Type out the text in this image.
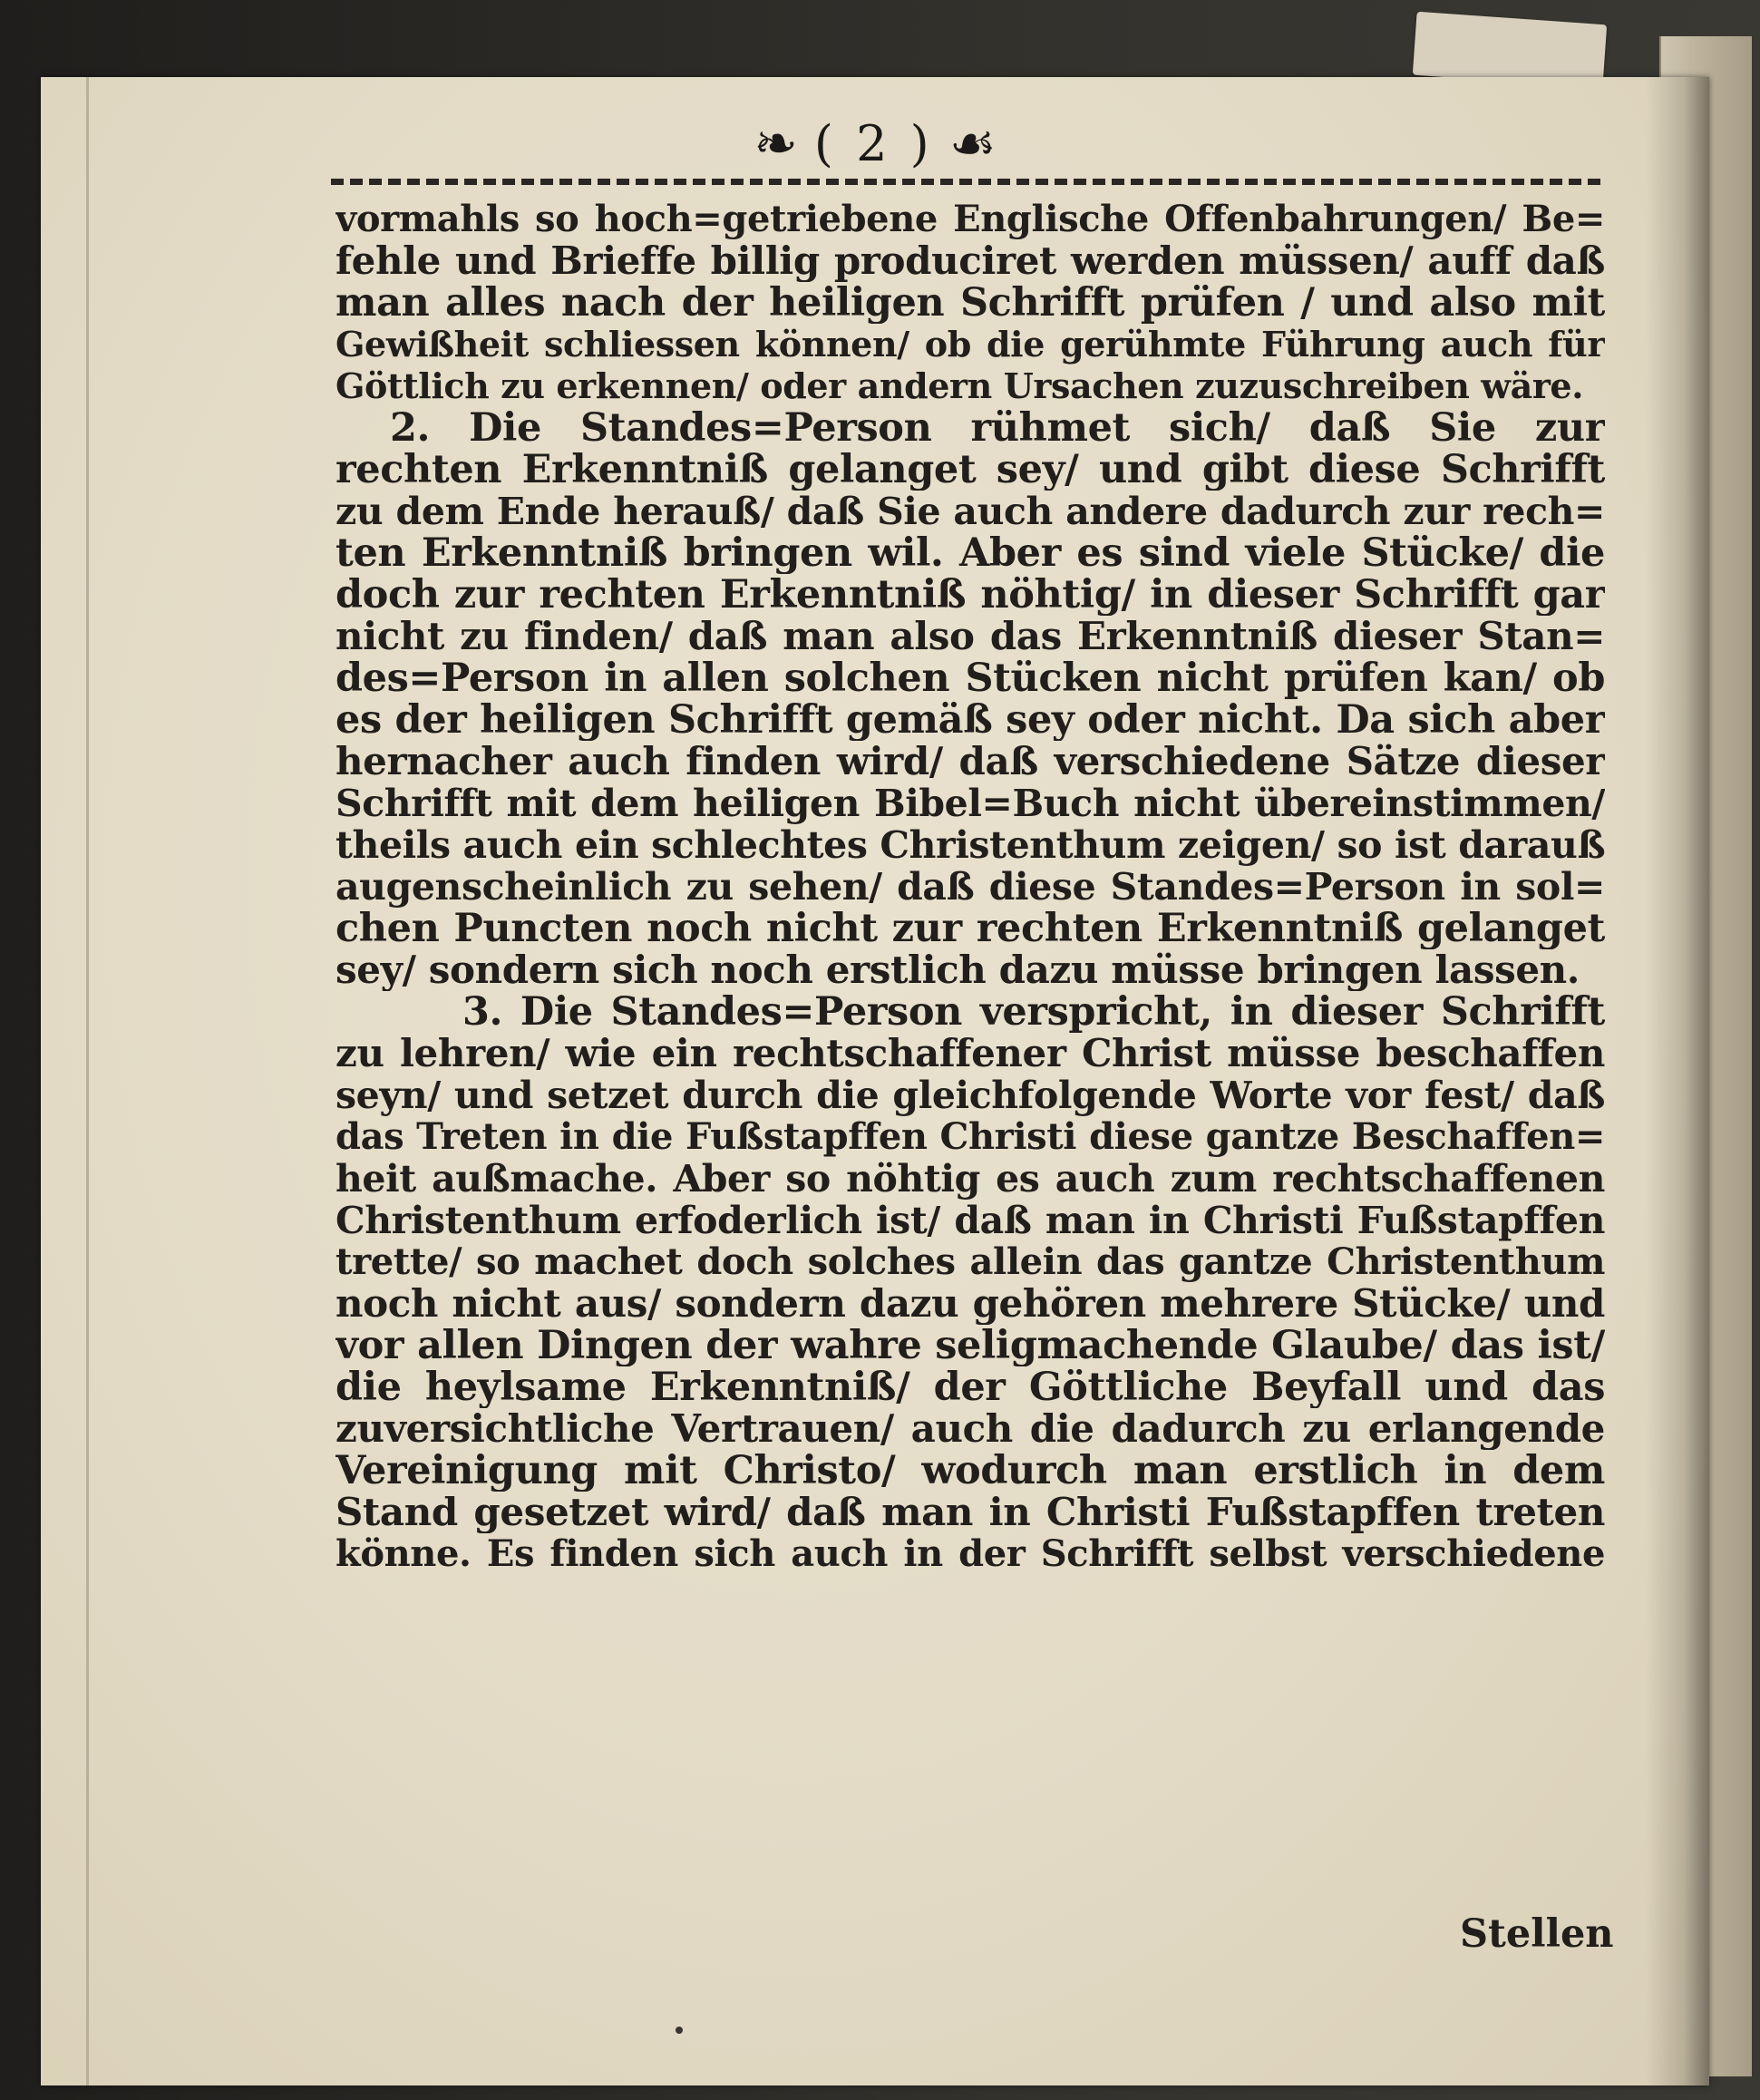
❧ ( 2 ) ☙
vormahls so hoch=getriebene Englische Offenbahrungen/ Be=
fehle und Brieffe billig produciret werden müssen/ auff daß
man alles nach der heiligen Schrifft prüfen / und also mit
Gewißheit schliessen können/ ob die gerühmte Führung auch für
Göttlich zu erkennen/ oder andern Ursachen zuzuschreiben wäre.
2. Die Standes=Person rühmet sich/ daß Sie zur
rechten Erkenntniß gelanget sey/ und gibt diese Schrifft
zu dem Ende herauß/ daß Sie auch andere dadurch zur rech=
ten Erkenntniß bringen wil. Aber es sind viele Stücke/ die
doch zur rechten Erkenntniß nöhtig/ in dieser Schrifft gar
nicht zu finden/ daß man also das Erkenntniß dieser Stan=
des=Person in allen solchen Stücken nicht prüfen kan/ ob
es der heiligen Schrifft gemäß sey oder nicht. Da sich aber
hernacher auch finden wird/ daß verschiedene Sätze dieser
Schrifft mit dem heiligen Bibel=Buch nicht übereinstimmen/
theils auch ein schlechtes Christenthum zeigen/ so ist darauß
augenscheinlich zu sehen/ daß diese Standes=Person in sol=
chen Puncten noch nicht zur rechten Erkenntniß gelanget
sey/ sondern sich noch erstlich dazu müsse bringen lassen.
3. Die Standes=Person verspricht, in dieser Schrifft
zu lehren/ wie ein rechtschaffener Christ müsse beschaffen
seyn/ und setzet durch die gleichfolgende Worte vor fest/ daß
das Treten in die Fußstapffen Christi diese gantze Beschaffen=
heit außmache. Aber so nöhtig es auch zum rechtschaffenen
Christenthum erfoderlich ist/ daß man in Christi Fußstapffen
trette/ so machet doch solches allein das gantze Christenthum
noch nicht aus/ sondern dazu gehören mehrere Stücke/ und
vor allen Dingen der wahre seligmachende Glaube/ das ist/
die heylsame Erkenntniß/ der Göttliche Beyfall und das
zuversichtliche Vertrauen/ auch die dadurch zu erlangende
Vereinigung mit Christo/ wodurch man erstlich in dem
Stand gesetzet wird/ daß man in Christi Fußstapffen treten
könne. Es finden sich auch in der Schrifft selbst verschiedene
Stellen
